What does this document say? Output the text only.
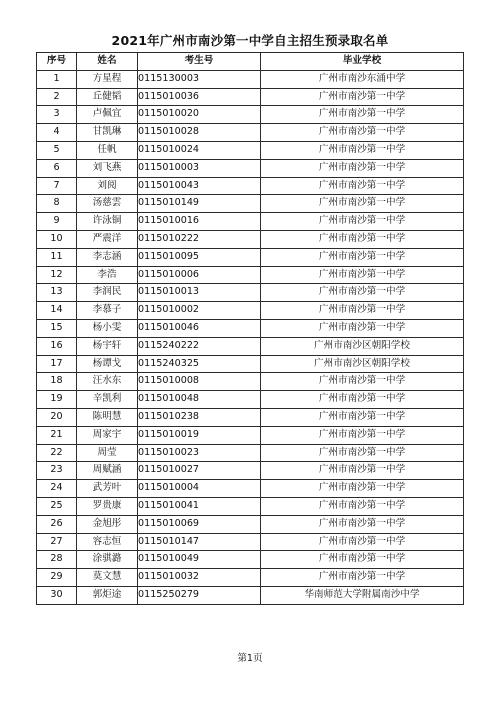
2021年广州市南沙第一中学自主招生预录取名单
序号	姓名	考生号	毕业学校
1	方星程	0115130003	广州市南沙东涌中学
2	丘健韬	0115010036	广州市南沙第一中学
3	卢佩宜	0115010020	广州市南沙第一中学
4	甘凯琳	0115010028	广州市南沙第一中学
5	任帆	0115010024	广州市南沙第一中学
6	刘飞燕	0115010003	广州市南沙第一中学
7	刘阅	0115010043	广州市南沙第一中学
8	汤慈雲	0115010149	广州市南沙第一中学
9	许泳铜	0115010016	广州市南沙第一中学
10	严震洋	0115010222	广州市南沙第一中学
11	李志涵	0115010095	广州市南沙第一中学
12	李浩	0115010006	广州市南沙第一中学
13	李润民	0115010013	广州市南沙第一中学
14	李慕子	0115010002	广州市南沙第一中学
15	杨小雯	0115010046	广州市南沙第一中学
16	杨宇轩	0115240222	广州市南沙区朝阳学校
17	杨谭戈	0115240325	广州市南沙区朝阳学校
18	汪水东	0115010008	广州市南沙第一中学
19	辛凯利	0115010048	广州市南沙第一中学
20	陈明慧	0115010238	广州市南沙第一中学
21	周家宇	0115010019	广州市南沙第一中学
22	周莹	0115010023	广州市南沙第一中学
23	周赋涵	0115010027	广州市南沙第一中学
24	武芳叶	0115010004	广州市南沙第一中学
25	罗贵康	0115010041	广州市南沙第一中学
26	金旭彤	0115010069	广州市南沙第一中学
27	容志恒	0115010147	广州市南沙第一中学
28	涂骐潞	0115010049	广州市南沙第一中学
29	莫文慧	0115010032	广州市南沙第一中学
30	郭炬途	0115250279	华南师范大学附属南沙中学
第1页
